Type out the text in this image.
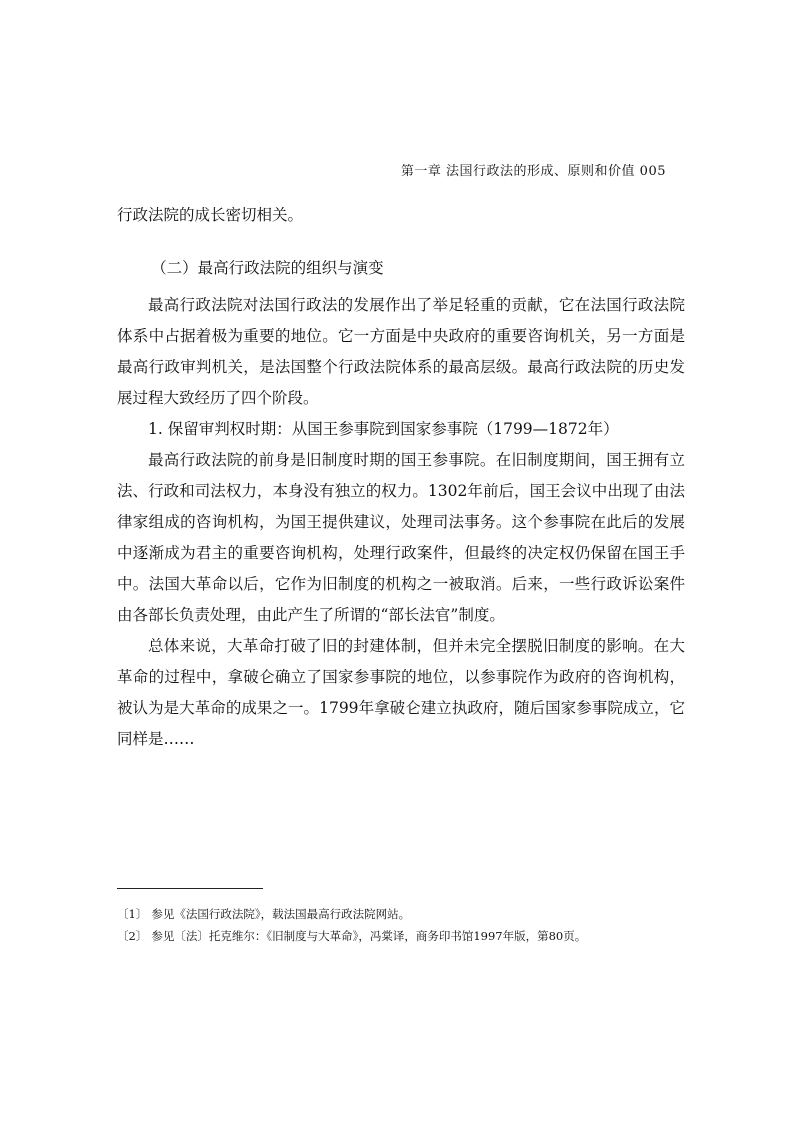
第一章 法国行政法的形成、原则和价值 005

行政法院的成长密切相关。

（二）最高行政法院的组织与演变

最高行政法院对法国行政法的发展作出了举足轻重的贡献，它在法国行政法院体系中占据着极为重要的地位。它一方面是中央政府的重要咨询机关，另一方面是最高行政审判机关，是法国整个行政法院体系的最高层级。最高行政法院的历史发展过程大致经历了四个阶段。

1. 保留审判权时期：从国王参事院到国家参事院（1799—1872年）

最高行政法院的前身是旧制度时期的国王参事院。在旧制度期间，国王拥有立法、行政和司法权力，本身没有独立的权力。1302年前后，国王会议中出现了由法律家组成的咨询机构，为国王提供建议，处理司法事务。这个参事院在此后的发展中逐渐成为君主的重要咨询机构，处理行政案件，但最终的决定权仍保留在国王手中。法国大革命以后，它作为旧制度的机构之一被取消。后来，一些行政诉讼案件由各部长负责处理，由此产生了所谓的“部长法官”制度。

总体来说，大革命打破了旧的封建体制，但并未完全摆脱旧制度的影响。在大革命的过程中，拿破仑确立了国家参事院的地位，以参事院作为政府的咨询机构，被认为是大革命的成果之一。1799年拿破仑建立执政府，随后国家参事院成立，它同样是……

〔1〕 参见《法国行政法院》，载法国最高行政法院网站。

〔2〕 参见〔法〕托克维尔：《旧制度与大革命》，冯棠译，商务印书馆1997年版，第80页。
